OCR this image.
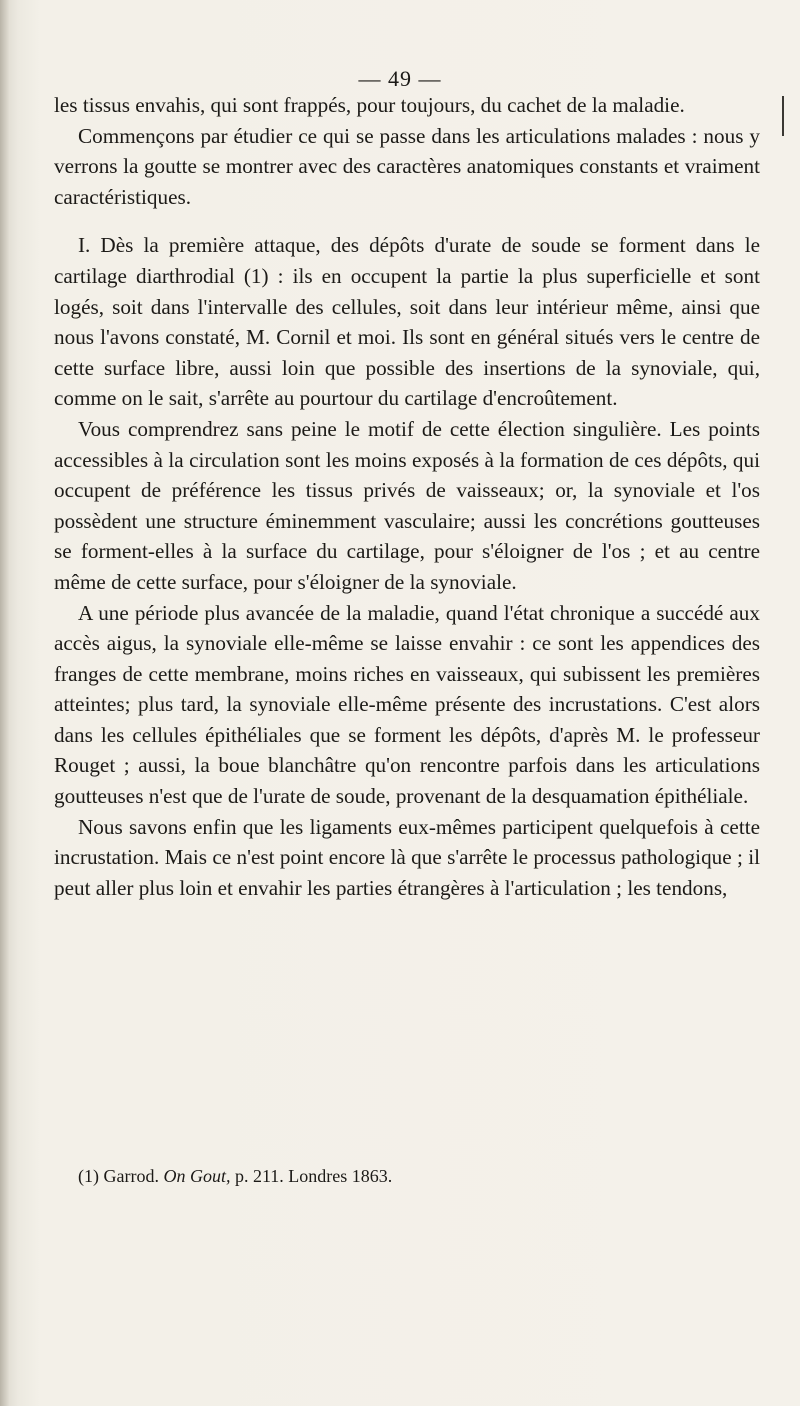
— 49 —

les tissus envahis, qui sont frappés, pour toujours, du cachet de la maladie.

Commençons par étudier ce qui se passe dans les articulations malades : nous y verrons la goutte se montrer avec des caractères anatomiques constants et vraiment caractéristiques.

I. Dès la première attaque, des dépôts d'urate de soude se forment dans le cartilage diarthrodial (1) : ils en occupent la partie la plus superficielle et sont logés, soit dans l'intervalle des cellules, soit dans leur intérieur même, ainsi que nous l'avons constaté, M. Cornil et moi. Ils sont en général situés vers le centre de cette surface libre, aussi loin que possible des insertions de la synoviale, qui, comme on le sait, s'arrête au pourtour du cartilage d'encroûtement.

Vous comprendrez sans peine le motif de cette élection singulière. Les points accessibles à la circulation sont les moins exposés à la formation de ces dépôts, qui occupent de préférence les tissus privés de vaisseaux; or, la synoviale et l'os possèdent une structure éminemment vasculaire; aussi les concrétions goutteuses se forment-elles à la surface du cartilage, pour s'éloigner de l'os ; et au centre même de cette surface, pour s'éloigner de la synoviale.

A une période plus avancée de la maladie, quand l'état chronique a succédé aux accès aigus, la synoviale elle-même se laisse envahir : ce sont les appendices des franges de cette membrane, moins riches en vaisseaux, qui subissent les premières atteintes; plus tard, la synoviale elle-même présente des incrustations. C'est alors dans les cellules épithéliales que se forment les dépôts, d'après M. le professeur Rouget ; aussi, la boue blanchâtre qu'on rencontre parfois dans les articulations goutteuses n'est que de l'urate de soude, provenant de la desquamation épithéliale.

Nous savons enfin que les ligaments eux-mêmes participent quelquefois à cette incrustation. Mais ce n'est point encore là que s'arrête le processus pathologique ; il peut aller plus loin et envahir les parties étrangères à l'articulation ; les tendons,

(1) Garrod. On Gout, p. 211. Londres 1863.
